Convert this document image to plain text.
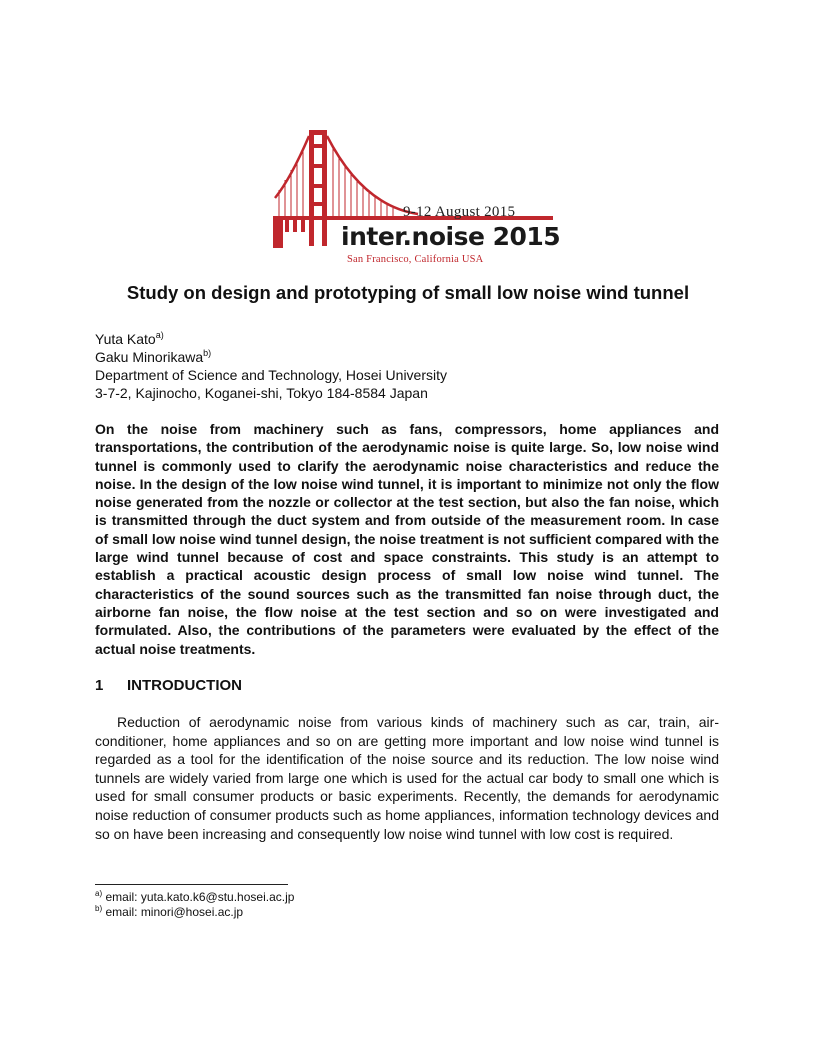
9-12 August 2015
inter.noise 2015
San Francisco, California USA
Study on design and prototyping of small low noise wind tunnel
Yuta Kato$^{a)}$
Gaku Minorikawa$^{b)}$
Department of Science and Technology, Hosei University
3-7-2, Kajinocho, Koganei-shi, Tokyo 184-8584 Japan
On the noise from machinery such as fans, compressors, home appliances and transportations, the contribution of the aerodynamic noise is quite large. So, low noise wind tunnel is commonly used to clarify the aerodynamic noise characteristics and reduce the noise. In the design of the low noise wind tunnel, it is important to minimize not only the flow noise generated from the nozzle or collector at the test section, but also the fan noise, which is transmitted through the duct system and from outside of the measurement room. In case of small low noise wind tunnel design, the noise treatment is not sufficient compared with the large wind tunnel because of cost and space constraints. This study is an attempt to establish a practical acoustic design process of small low noise wind tunnel. The characteristics of the sound sources such as the transmitted fan noise through duct, the airborne fan noise, the flow noise at the test section and so on were investigated and formulated. Also, the contributions of the parameters were evaluated by the effect of the actual noise treatments.
1 INTRODUCTION
Reduction of aerodynamic noise from various kinds of machinery such as car, train, air-conditioner, home appliances and so on are getting more important and low noise wind tunnel is regarded as a tool for the identification of the noise source and its reduction. The low noise wind tunnels are widely varied from large one which is used for the actual car body to small one which is used for small consumer products or basic experiments. Recently, the demands for aerodynamic noise reduction of consumer products such as home appliances, information technology devices and so on have been increasing and consequently low noise wind tunnel with low cost is required.
$^{a)}$ email: yuta.kato.k6@stu.hosei.ac.jp
$^{b)}$ email: minori@hosei.ac.jp
